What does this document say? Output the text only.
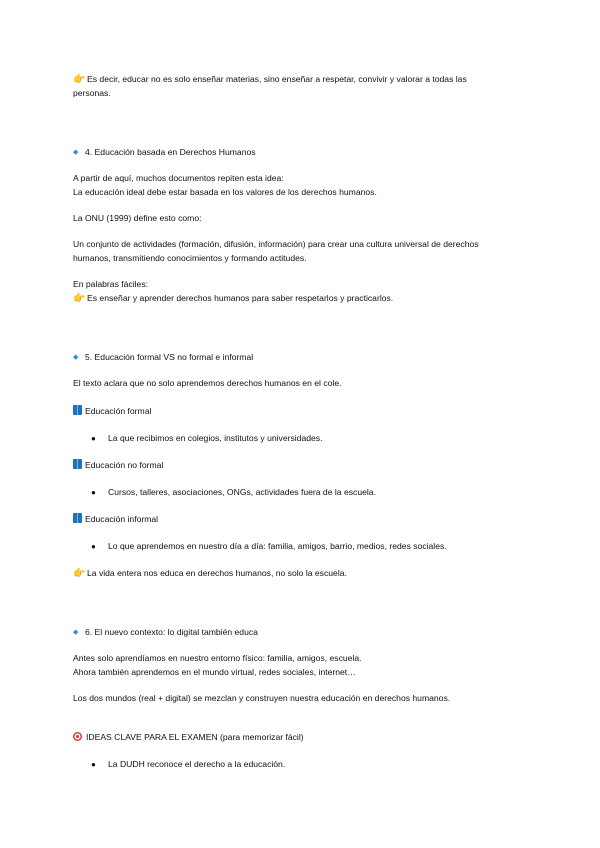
👉 Es decir, educar no es solo enseñar materias, sino enseñar a respetar, convivir y valorar a todas las
personas.
◆ 4. Educación basada en Derechos Humanos
A partir de aquí, muchos documentos repiten esta idea:
La educación ideal debe estar basada en los valores de los derechos humanos.
La ONU (1999) define esto como:
Un conjunto de actividades (formación, difusión, información) para crear una cultura universal de derechos
humanos, transmitiendo conocimientos y formando actitudes.
En palabras fáciles:
👉 Es enseñar y aprender derechos humanos para saber respetarlos y practicarlos.
◆ 5. Educación formal VS no formal e informal
El texto aclara que no solo aprendemos derechos humanos en el cole.
Educación formal
● La que recibimos en colegios, institutos y universidades.
Educación no formal
● Cursos, talleres, asociaciones, ONGs, actividades fuera de la escuela.
Educación informal
● Lo que aprendemos en nuestro día a día: familia, amigos, barrio, medios, redes sociales.
👉 La vida entera nos educa en derechos humanos, no solo la escuela.
◆ 6. El nuevo contexto: lo digital también educa
Antes solo aprendíamos en nuestro entorno físico: familia, amigos, escuela.
Ahora también aprendemos en el mundo virtual, redes sociales, internet…
Los dos mundos (real + digital) se mezclan y construyen nuestra educación en derechos humanos.
IDEAS CLAVE PARA EL EXAMEN (para memorizar fácil)
● La DUDH reconoce el derecho a la educación.
